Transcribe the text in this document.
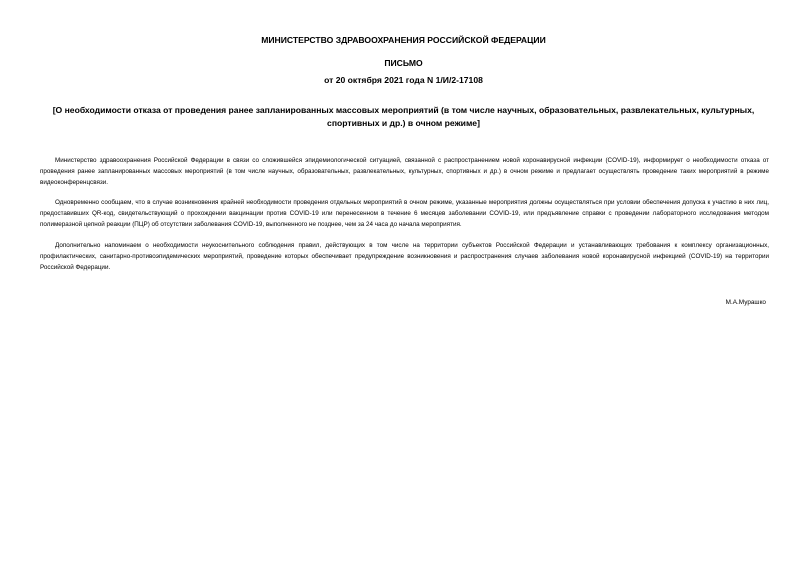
МИНИСТЕРСТВО ЗДРАВООХРАНЕНИЯ РОССИЙСКОЙ ФЕДЕРАЦИИ
ПИСЬМО
от 20 октября 2021 года N 1/И/2-17108
[О необходимости отказа от проведения ранее запланированных массовых мероприятий (в том числе научных, образовательных, развлекательных, культурных, спортивных и др.) в очном режиме]

Министерство здравоохранения Российской Федерации в связи со сложившейся эпидемиологической ситуацией, связанной с распространением новой коронавирусной инфекции (COVID-19), информирует о необходимости отказа от проведения ранее запланированных массовых мероприятий (в том числе научных, образовательных, развлекательных, культурных, спортивных и др.) в очном режиме и предлагает осуществлять проведение таких мероприятий в режиме видеоконференцсвязи.

Одновременно сообщаем, что в случае возникновения крайней необходимости проведения отдельных мероприятий в очном режиме, указанные мероприятия должны осуществляться при условии обеспечения допуска к участию в них лиц, предоставивших QR-код, свидетельствующий о прохождении вакцинации против COVID-19 или перенесенном в течение 6 месяцев заболевании COVID-19, или предъявление справки с проведении лабораторного исследования методом полимеразной цепной реакции (ПЦР) об отсутствии заболевания COVID-19, выполненного не позднее, чем за 24 часа до начала мероприятия.

Дополнительно напоминаем о необходимости неукоснительного соблюдения правил, действующих в том числе на территории субъектов Российской Федерации и устанавливающих требования к комплексу организационных, профилактических, санитарно-противоэпидемических мероприятий, проведение которых обеспечивает предупреждение возникновения и распространения случаев заболевания новой коронавирусной инфекцией (COVID-19) на территории Российской Федерации.

М.А.Мурашко
